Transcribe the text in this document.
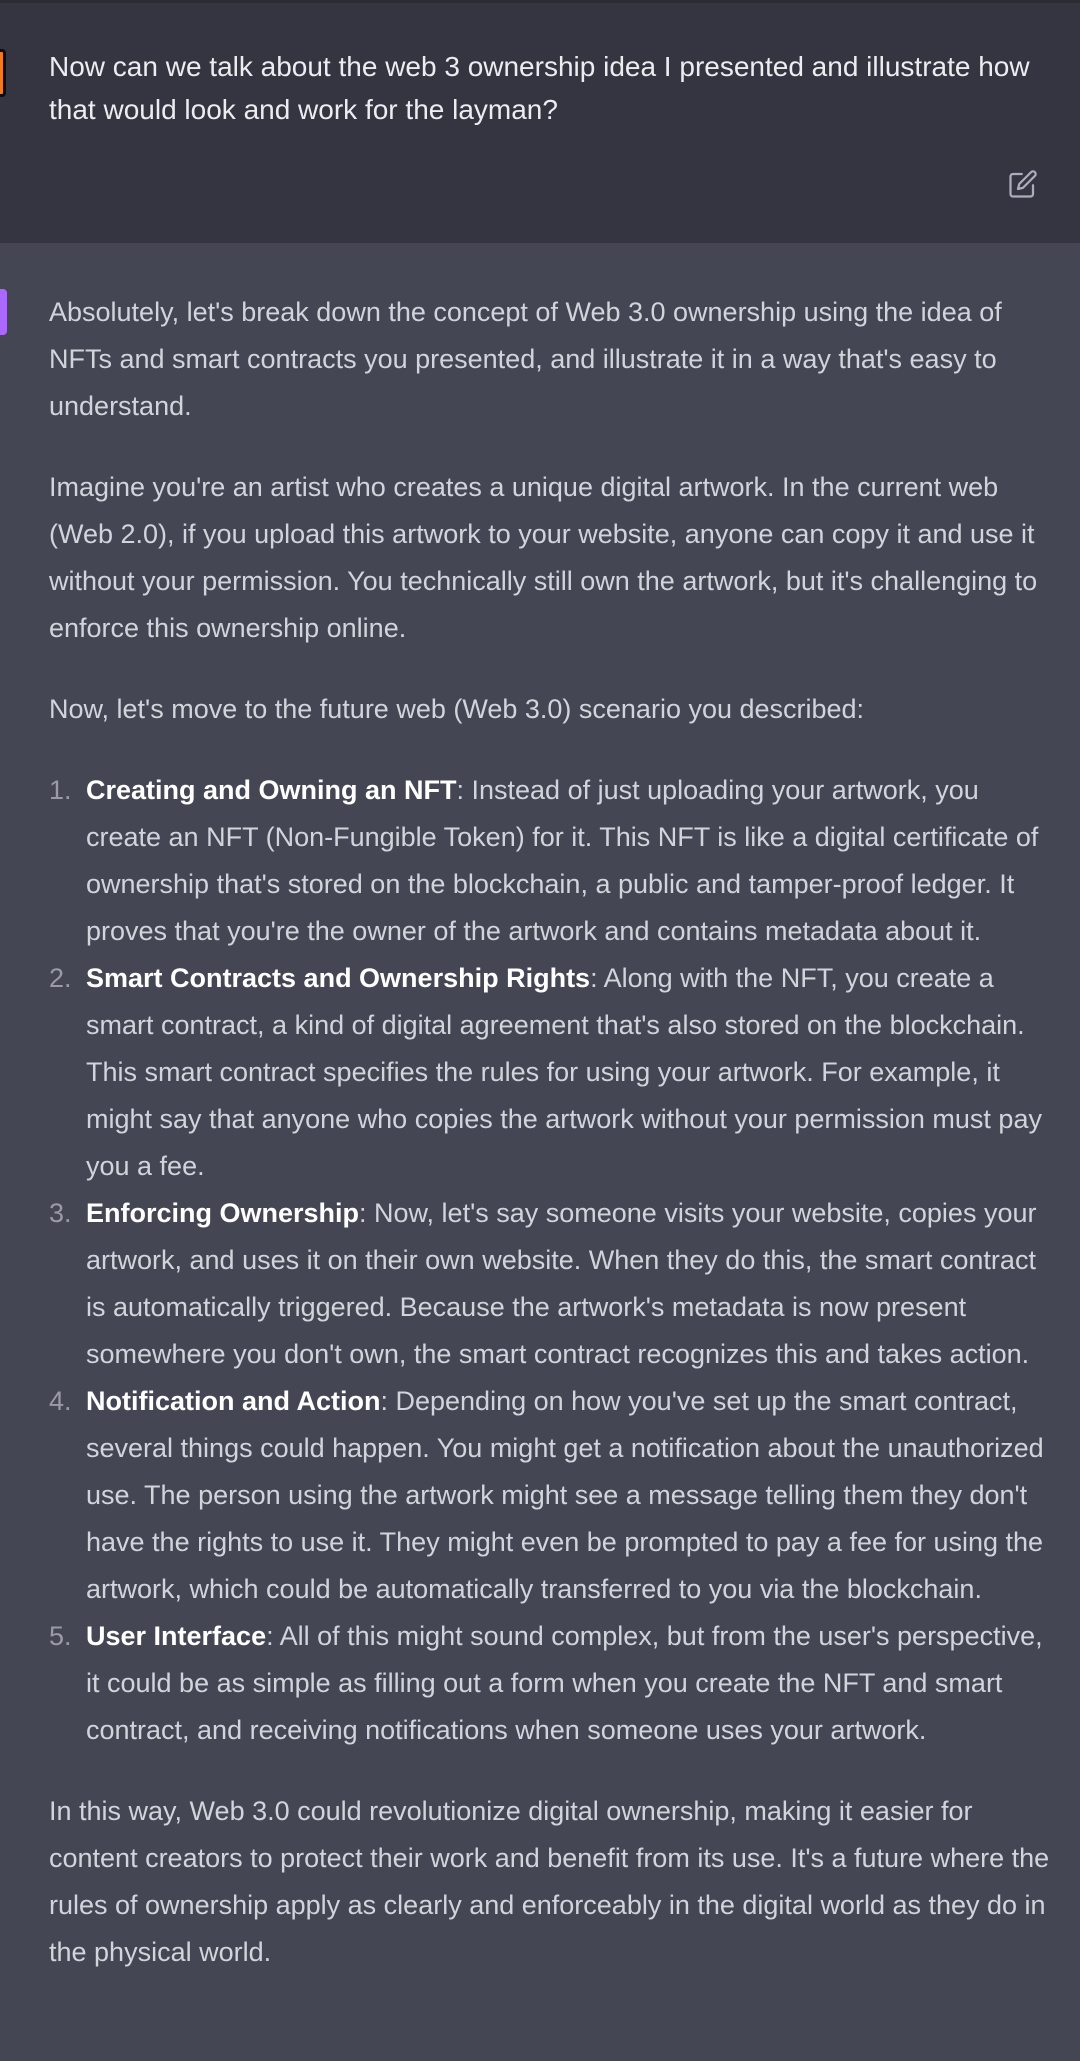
Now can we talk about the web 3 ownership idea I presented and illustrate how that would look and work for the layman?

Absolutely, let's break down the concept of Web 3.0 ownership using the idea of NFTs and smart contracts you presented, and illustrate it in a way that's easy to understand.

Imagine you're an artist who creates a unique digital artwork. In the current web (Web 2.0), if you upload this artwork to your website, anyone can copy it and use it without your permission. You technically still own the artwork, but it's challenging to enforce this ownership online.

Now, let's move to the future web (Web 3.0) scenario you described:

1. Creating and Owning an NFT: Instead of just uploading your artwork, you create an NFT (Non-Fungible Token) for it. This NFT is like a digital certificate of ownership that's stored on the blockchain, a public and tamper-proof ledger. It proves that you're the owner of the artwork and contains metadata about it.
2. Smart Contracts and Ownership Rights: Along with the NFT, you create a smart contract, a kind of digital agreement that's also stored on the blockchain. This smart contract specifies the rules for using your artwork. For example, it might say that anyone who copies the artwork without your permission must pay you a fee.
3. Enforcing Ownership: Now, let's say someone visits your website, copies your artwork, and uses it on their own website. When they do this, the smart contract is automatically triggered. Because the artwork's metadata is now present somewhere you don't own, the smart contract recognizes this and takes action.
4. Notification and Action: Depending on how you've set up the smart contract, several things could happen. You might get a notification about the unauthorized use. The person using the artwork might see a message telling them they don't have the rights to use it. They might even be prompted to pay a fee for using the artwork, which could be automatically transferred to you via the blockchain.
5. User Interface: All of this might sound complex, but from the user's perspective, it could be as simple as filling out a form when you create the NFT and smart contract, and receiving notifications when someone uses your artwork.

In this way, Web 3.0 could revolutionize digital ownership, making it easier for content creators to protect their work and benefit from its use. It's a future where the rules of ownership apply as clearly and enforceably in the digital world as they do in the physical world.
